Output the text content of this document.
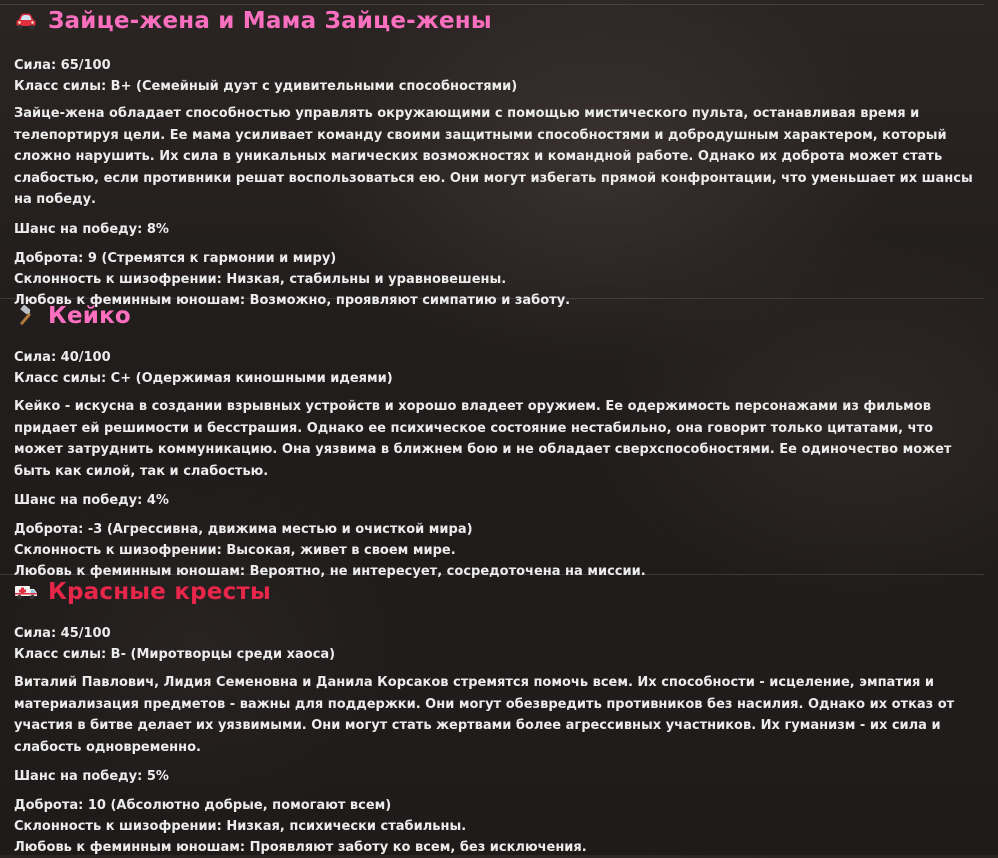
Зайце-жена и Мама Зайце-жены

Сила: 65/100

Класс силы: B+ (Семейный дуэт с удивительными способностями)

Зайце-жена обладает способностью управлять окружающими с помощью мистического пульта, останавливая время и телепортируя цели. Ее мама усиливает команду своими защитными способностями и добродушным характером, который сложно нарушить. Их сила в уникальных магических возможностях и командной работе. Однако их доброта может стать слабостью, если противники решат воспользоваться ею. Они могут избегать прямой конфронтации, что уменьшает их шансы на победу.

Шанс на победу: 8%

Доброта: 9 (Стремятся к гармонии и миру)

Склонность к шизофрении: Низкая, стабильны и уравновешены.

Любовь к феминным юношам: Возможно, проявляют симпатию и заботу.

Кейко

Сила: 40/100

Класс силы: C+ (Одержимая киношными идеями)

Кейко - искусна в создании взрывных устройств и хорошо владеет оружием. Ее одержимость персонажами из фильмов придает ей решимости и бесстрашия. Однако ее психическое состояние нестабильно, она говорит только цитатами, что может затруднить коммуникацию. Она уязвима в ближнем бою и не обладает сверхспособностями. Ее одиночество может быть как силой, так и слабостью.

Шанс на победу: 4%

Доброта: -3 (Агрессивна, движима местью и очисткой мира)

Склонность к шизофрении: Высокая, живет в своем мире.

Любовь к феминным юношам: Вероятно, не интересует, сосредоточена на миссии.

Красные кресты

Сила: 45/100

Класс силы: B- (Миротворцы среди хаоса)

Виталий Павлович, Лидия Семеновна и Данила Корсаков стремятся помочь всем. Их способности - исцеление, эмпатия и материализация предметов - важны для поддержки. Они могут обезвредить противников без насилия. Однако их отказ от участия в битве делает их уязвимыми. Они могут стать жертвами более агрессивных участников. Их гуманизм - их сила и слабость одновременно.

Шанс на победу: 5%

Доброта: 10 (Абсолютно добрые, помогают всем)

Склонность к шизофрении: Низкая, психически стабильны.

Любовь к феминным юношам: Проявляют заботу ко всем, без исключения.
